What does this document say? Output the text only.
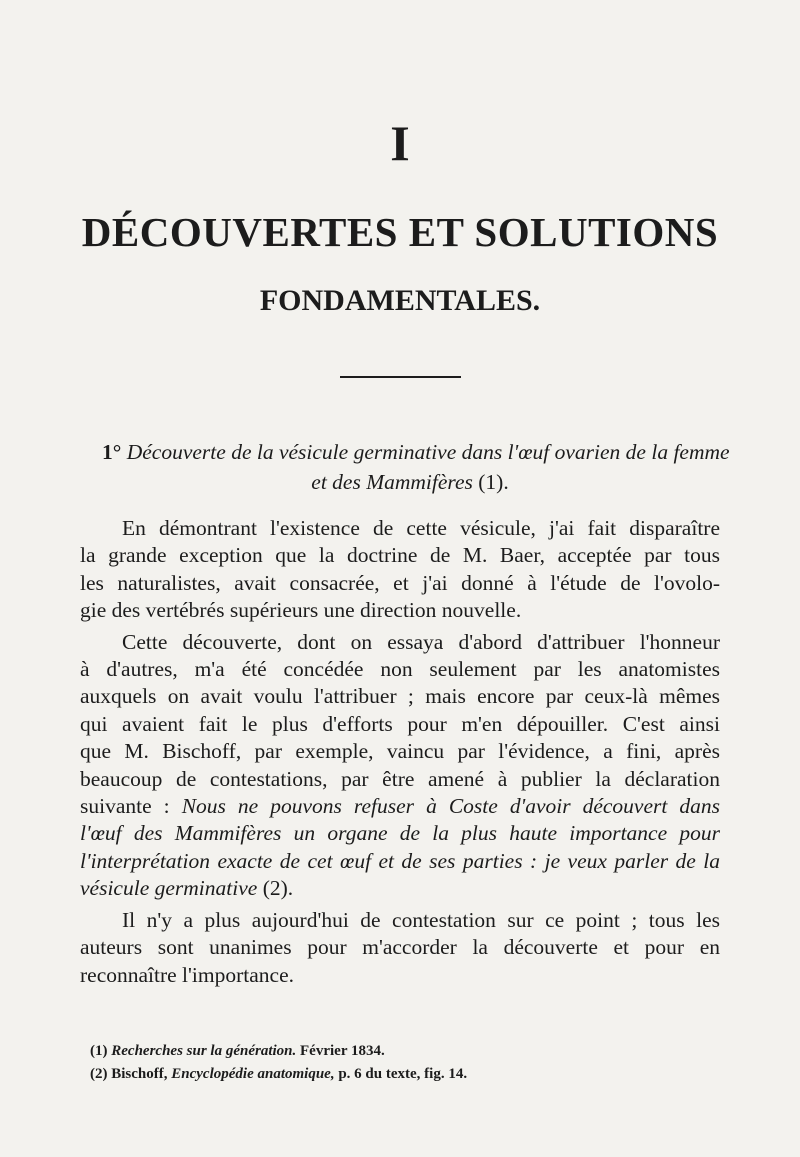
I
DÉCOUVERTES ET SOLUTIONS
FONDAMENTALES.
1° Découverte de la vésicule germinative dans l'œuf ovarien de la femme
et des Mammifères (1).

En démontrant l'existence de cette vésicule, j'ai fait disparaître
la grande exception que la doctrine de M. Baer, acceptée par tous
les naturalistes, avait consacrée, et j'ai donné à l'étude de l'ovolo-
gie des vertébrés supérieurs une direction nouvelle.

Cette découverte, dont on essaya d'abord d'attribuer l'honneur
à d'autres, m'a été concédée non seulement par les anatomistes
auxquels on avait voulu l'attribuer ; mais encore par ceux-là mêmes
qui avaient fait le plus d'efforts pour m'en dépouiller. C'est ainsi
que M. Bischoff, par exemple, vaincu par l'évidence, a fini, après
beaucoup de contestations, par être amené à publier la déclaration
suivante : Nous ne pouvons refuser à Coste d'avoir découvert dans
l'œuf des Mammifères un organe de la plus haute importance pour
l'interprétation exacte de cet œuf et de ses parties : je veux parler de la
vésicule germinative (2).

Il n'y a plus aujourd'hui de contestation sur ce point ; tous les
auteurs sont unanimes pour m'accorder la découverte et pour en
reconnaître l'importance.

(1) Recherches sur la génération. Février 1834.
(2) Bischoff, Encyclopédie anatomique, p. 6 du texte, fig. 14.
